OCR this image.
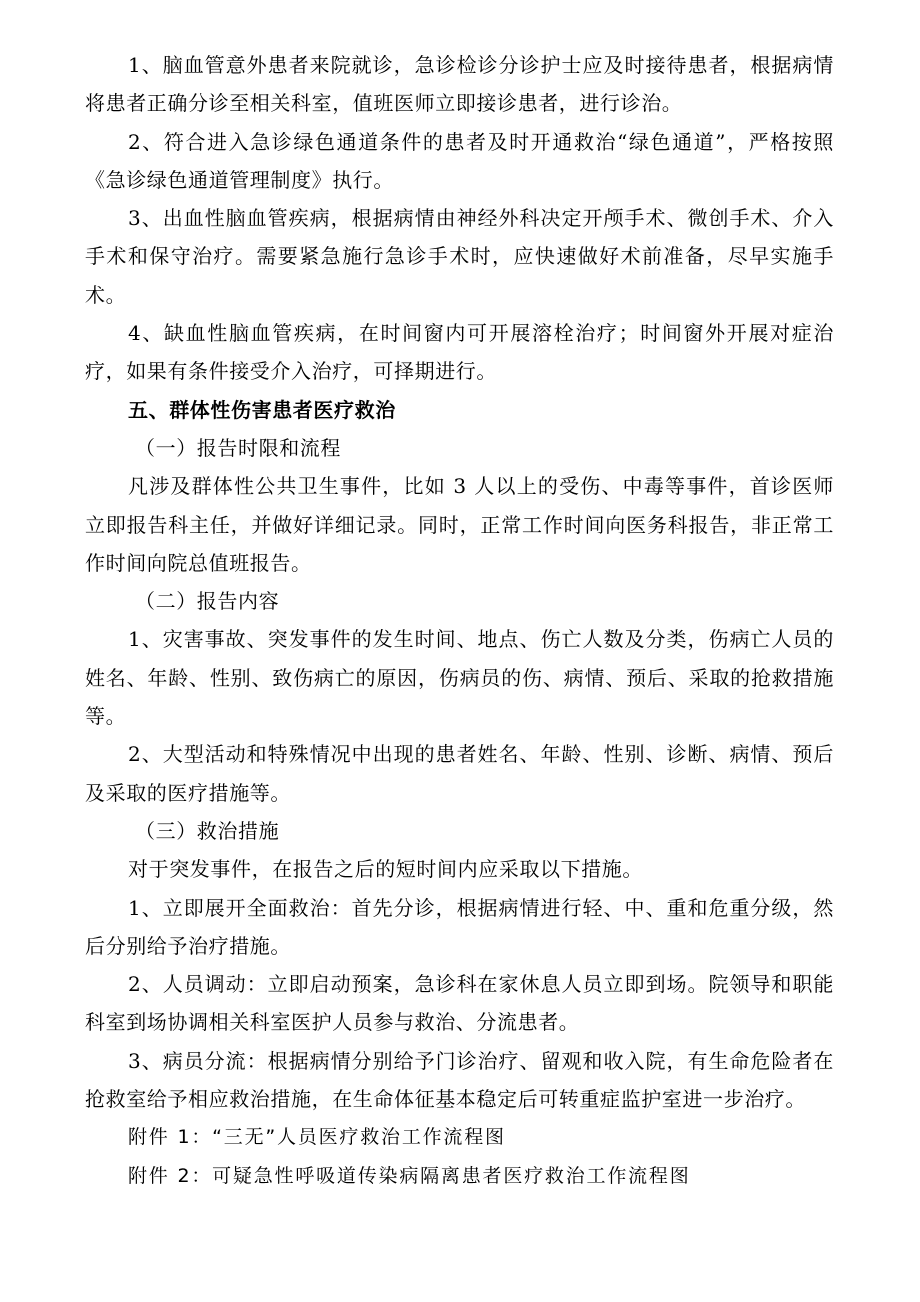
1、脑血管意外患者来院就诊，急诊检诊分诊护士应及时接待患者，根据病情将患者正确分诊至相关科室，值班医师立即接诊患者，进行诊治。

2、符合进入急诊绿色通道条件的患者及时开通救治“绿色通道”，严格按照《急诊绿色通道管理制度》执行。

3、出血性脑血管疾病，根据病情由神经外科决定开颅手术、微创手术、介入手术和保守治疗。需要紧急施行急诊手术时，应快速做好术前准备，尽早实施手术。

4、缺血性脑血管疾病，在时间窗内可开展溶栓治疗；时间窗外开展对症治疗，如果有条件接受介入治疗，可择期进行。

五、群体性伤害患者医疗救治

（一）报告时限和流程

凡涉及群体性公共卫生事件，比如 3 人以上的受伤、中毒等事件，首诊医师立即报告科主任，并做好详细记录。同时，正常工作时间向医务科报告，非正常工作时间向院总值班报告。

（二）报告内容

1、灾害事故、突发事件的发生时间、地点、伤亡人数及分类，伤病亡人员的姓名、年龄、性别、致伤病亡的原因，伤病员的伤、病情、预后、采取的抢救措施等。

2、大型活动和特殊情况中出现的患者姓名、年龄、性别、诊断、病情、预后及采取的医疗措施等。

（三）救治措施

对于突发事件，在报告之后的短时间内应采取以下措施。

1、立即展开全面救治：首先分诊，根据病情进行轻、中、重和危重分级，然后分别给予治疗措施。

2、人员调动：立即启动预案，急诊科在家休息人员立即到场。院领导和职能科室到场协调相关科室医护人员参与救治、分流患者。

3、病员分流：根据病情分别给予门诊治疗、留观和收入院，有生命危险者在抢救室给予相应救治措施，在生命体征基本稳定后可转重症监护室进一步治疗。

附件 1：“三无”人员医疗救治工作流程图

附件 2：可疑急性呼吸道传染病隔离患者医疗救治工作流程图
